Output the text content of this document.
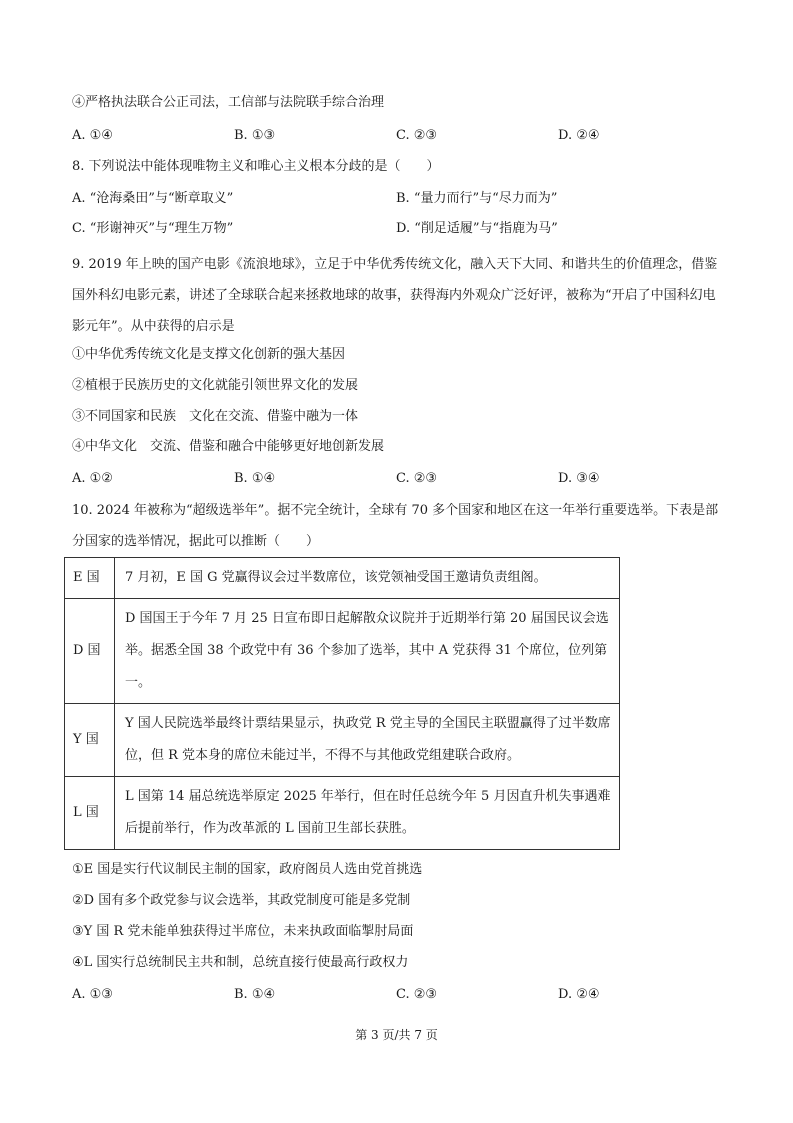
④严格执法联合公正司法，工信部与法院联手综合治理
A. ①④	B. ①③	C. ②③	D. ②④
8. 下列说法中能体现唯物主义和唯心主义根本分歧的是（　　）
A. “沧海桑田”与“断章取义”	B. “量力而行”与“尽力而为”
C. “形谢神灭”与“理生万物”	D. “削足适履”与“指鹿为马”
9. 2019 年上映的国产电影《流浪地球》，立足于中华优秀传统文化，融入天下大同、和谐共生的价值理念，借鉴国外科幻电影元素，讲述了全球联合起来拯救地球的故事，获得海内外观众广泛好评，被称为“开启了中国科幻电影元年”。从中获得的启示是
①中华优秀传统文化是支撑文化创新的强大基因
②植根于民族历史的文化就能引领世界文化的发展
③不同国家和民族　文化在交流、借鉴中融为一体
④中华文化　交流、借鉴和融合中能够更好地创新发展
A. ①②	B. ①④	C. ②③	D. ③④
10. 2024 年被称为“超级选举年”。据不完全统计，全球有 70 多个国家和地区在这一年举行重要选举。下表是部分国家的选举情况，据此可以推断（　　）
E 国	7 月初，E 国 G 党赢得议会过半数席位，该党领袖受国王邀请负责组阁。
D 国	D 国国王于今年 7 月 25 日宣布即日起解散众议院并于近期举行第 20 届国民议会选举。据悉全国 38 个政党中有 36 个参加了选举，其中 A 党获得 31 个席位，位列第一。
Y 国	Y 国人民院选举最终计票结果显示，执政党 R 党主导的全国民主联盟赢得了过半数席位，但 R 党本身的席位未能过半，不得不与其他政党组建联合政府。
L 国	L 国第 14 届总统选举原定 2025 年举行，但在时任总统今年 5 月因直升机失事遇难后提前举行，作为改革派的 L 国前卫生部长获胜。
①E 国是实行代议制民主制的国家，政府阁员人选由党首挑选
②D 国有多个政党参与议会选举，其政党制度可能是多党制
③Y 国 R 党未能单独获得过半席位，未来执政面临掣肘局面
④L 国实行总统制民主共和制，总统直接行使最高行政权力
A. ①③	B. ①④	C. ②③	D. ②④
第 3 页/共 7 页
